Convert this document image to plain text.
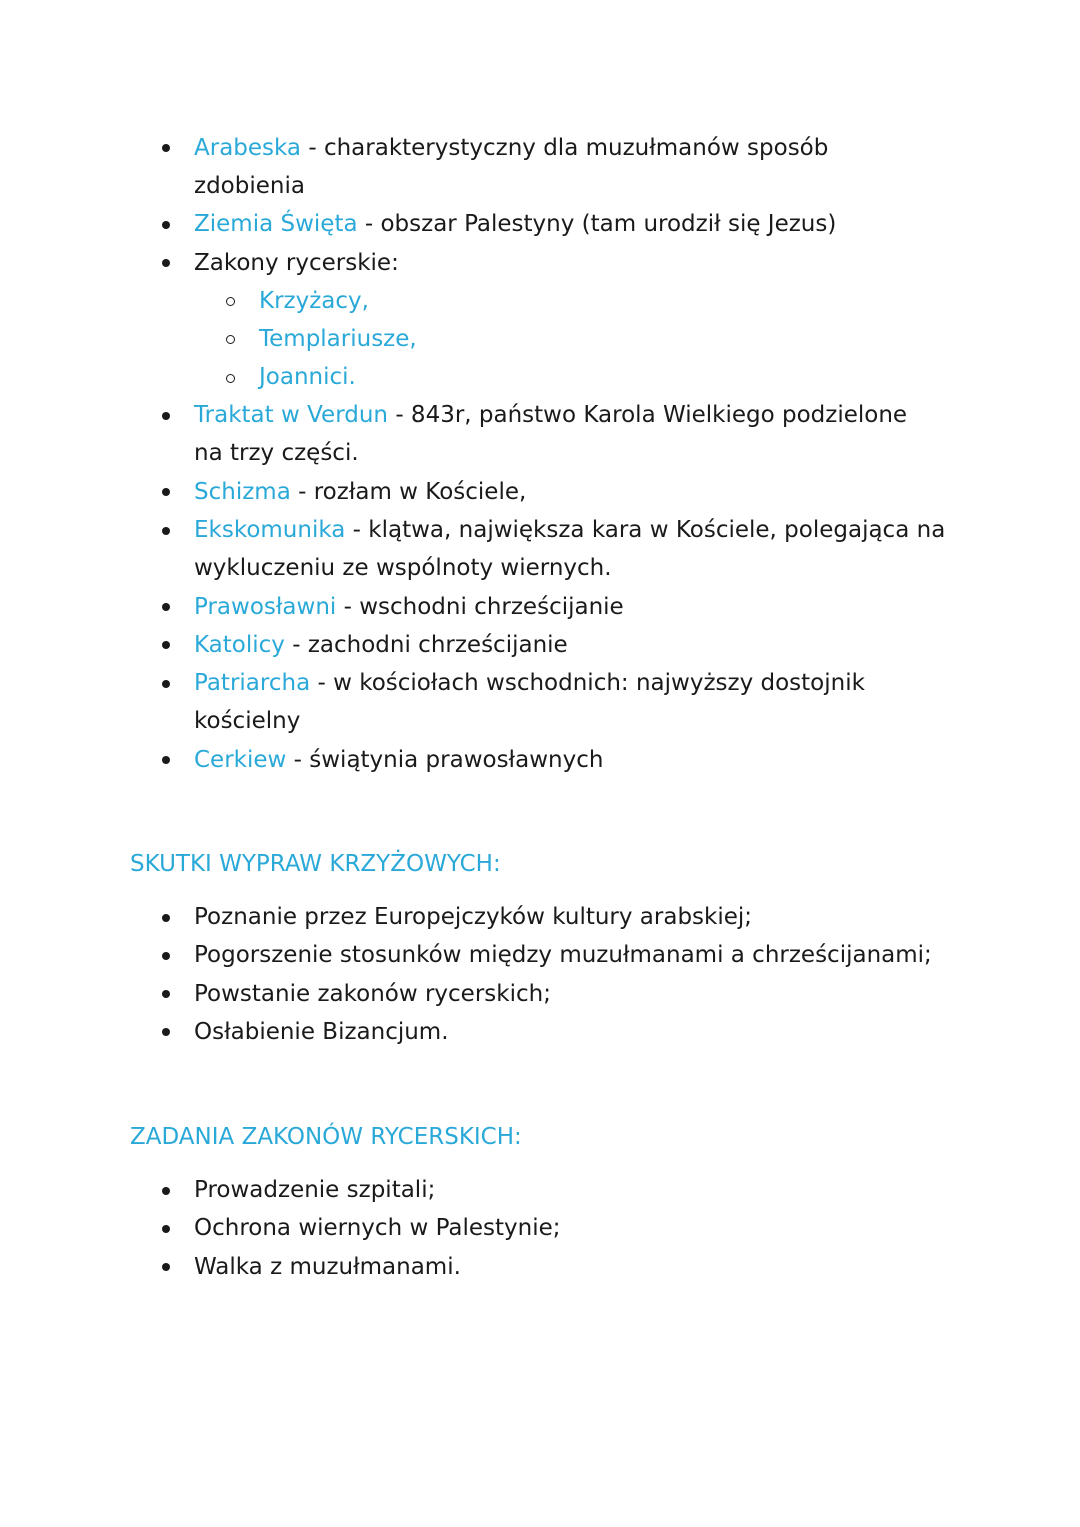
Arabeska - charakterystyczny dla muzułmanów sposób
zdobienia
Ziemia Święta - obszar Palestyny (tam urodził się Jezus)
Zakony rycerskie:
Krzyżacy,
Templariusze,
Joannici.
Traktat w Verdun - 843r, państwo Karola Wielkiego podzielone
na trzy części.
Schizma - rozłam w Kościele,
Ekskomunika - klątwa, największa kara w Kościele, polegająca na
wykluczeniu ze wspólnoty wiernych.
Prawosławni - wschodni chrześcijanie
Katolicy - zachodni chrześcijanie
Patriarcha - w kościołach wschodnich: najwyższy dostojnik
kościelny
Cerkiew - świątynia prawosławnych
SKUTKI WYPRAW KRZYŻOWYCH:
Poznanie przez Europejczyków kultury arabskiej;
Pogorszenie stosunków między muzułmanami a chrześcijanami;
Powstanie zakonów rycerskich;
Osłabienie Bizancjum.
ZADANIA ZAKONÓW RYCERSKICH:
Prowadzenie szpitali;
Ochrona wiernych w Palestynie;
Walka z muzułmanami.
